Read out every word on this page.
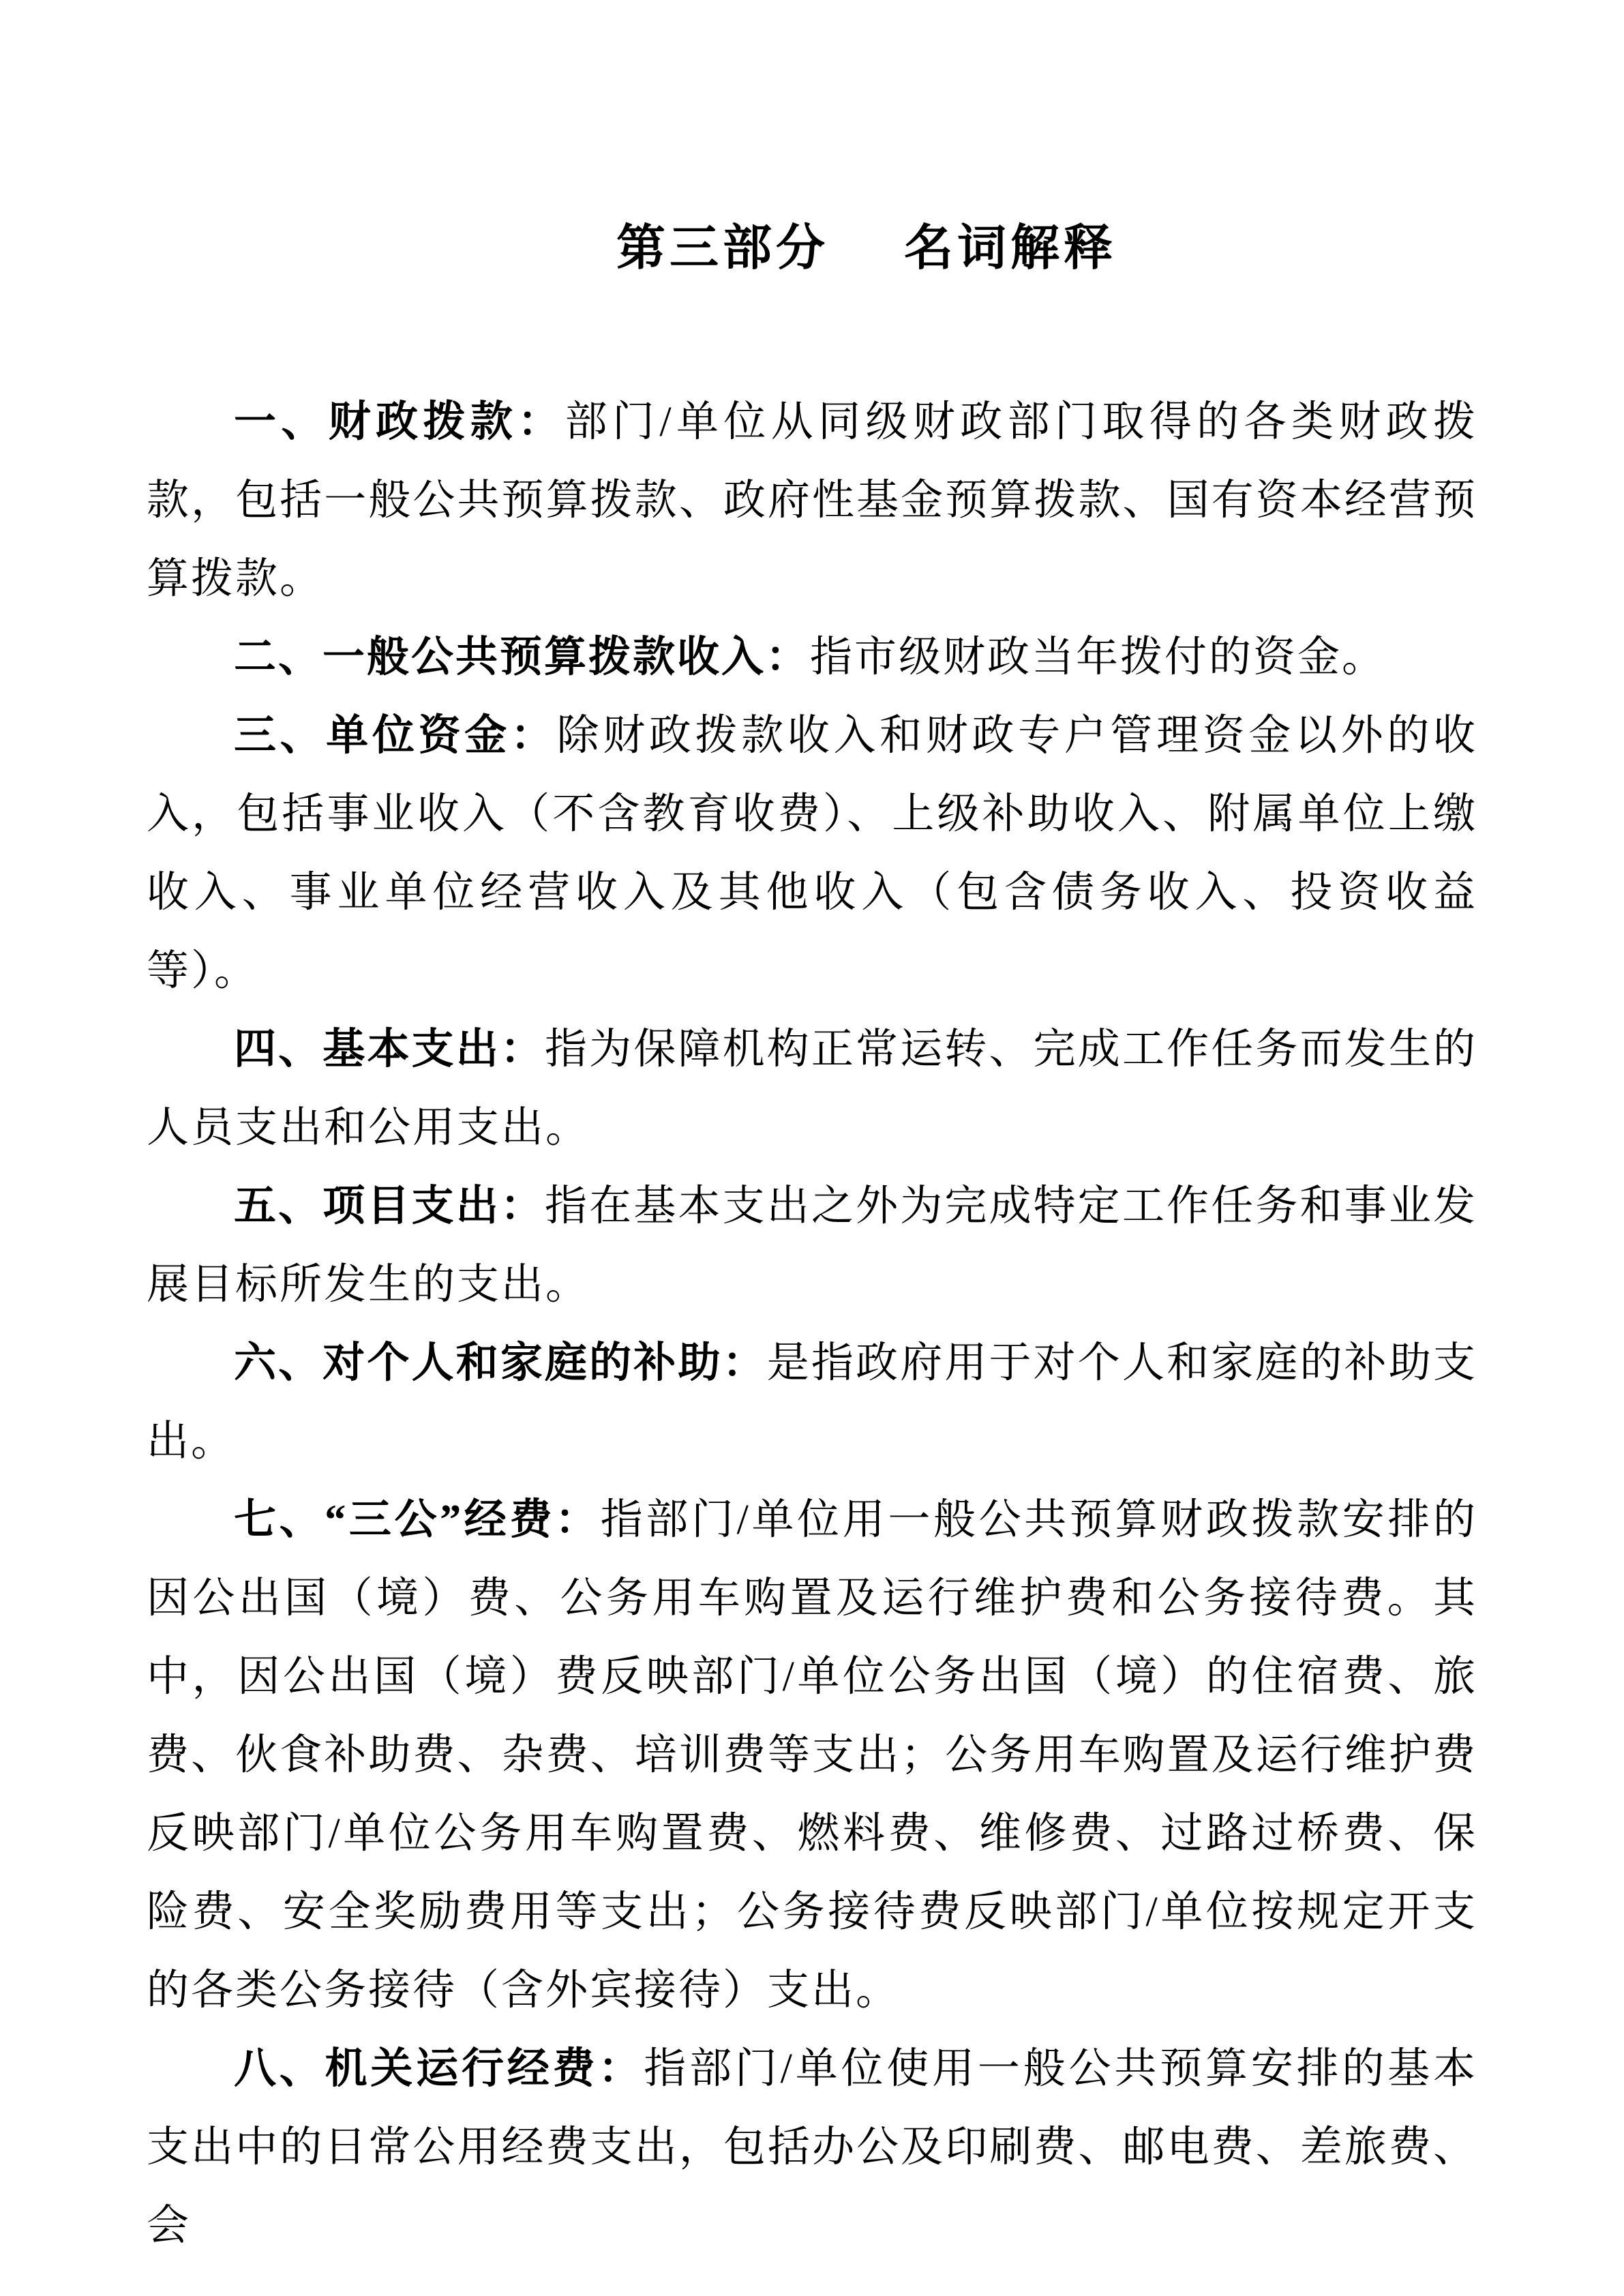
第三部分 名词解释

一、财政拨款：部门/单位从同级财政部门取得的各类财政拨款，包括一般公共预算拨款、政府性基金预算拨款、国有资本经营预算拨款。

二、一般公共预算拨款收入：指市级财政当年拨付的资金。

三、单位资金：除财政拨款收入和财政专户管理资金以外的收入，包括事业收入（不含教育收费）、上级补助收入、附属单位上缴收入、事业单位经营收入及其他收入（包含债务收入、投资收益等）。

四、基本支出：指为保障机构正常运转、完成工作任务而发生的人员支出和公用支出。

五、项目支出：指在基本支出之外为完成特定工作任务和事业发展目标所发生的支出。

六、对个人和家庭的补助：是指政府用于对个人和家庭的补助支出。

七、“三公”经费：指部门/单位用一般公共预算财政拨款安排的因公出国（境）费、公务用车购置及运行维护费和公务接待费。其中，因公出国（境）费反映部门/单位公务出国（境）的住宿费、旅费、伙食补助费、杂费、培训费等支出；公务用车购置及运行维护费反映部门/单位公务用车购置费、燃料费、维修费、过路过桥费、保险费、安全奖励费用等支出；公务接待费反映部门/单位按规定开支的各类公务接待（含外宾接待）支出。

八、机关运行经费：指部门/单位使用一般公共预算安排的基本支出中的日常公用经费支出，包括办公及印刷费、邮电费、差旅费、会
